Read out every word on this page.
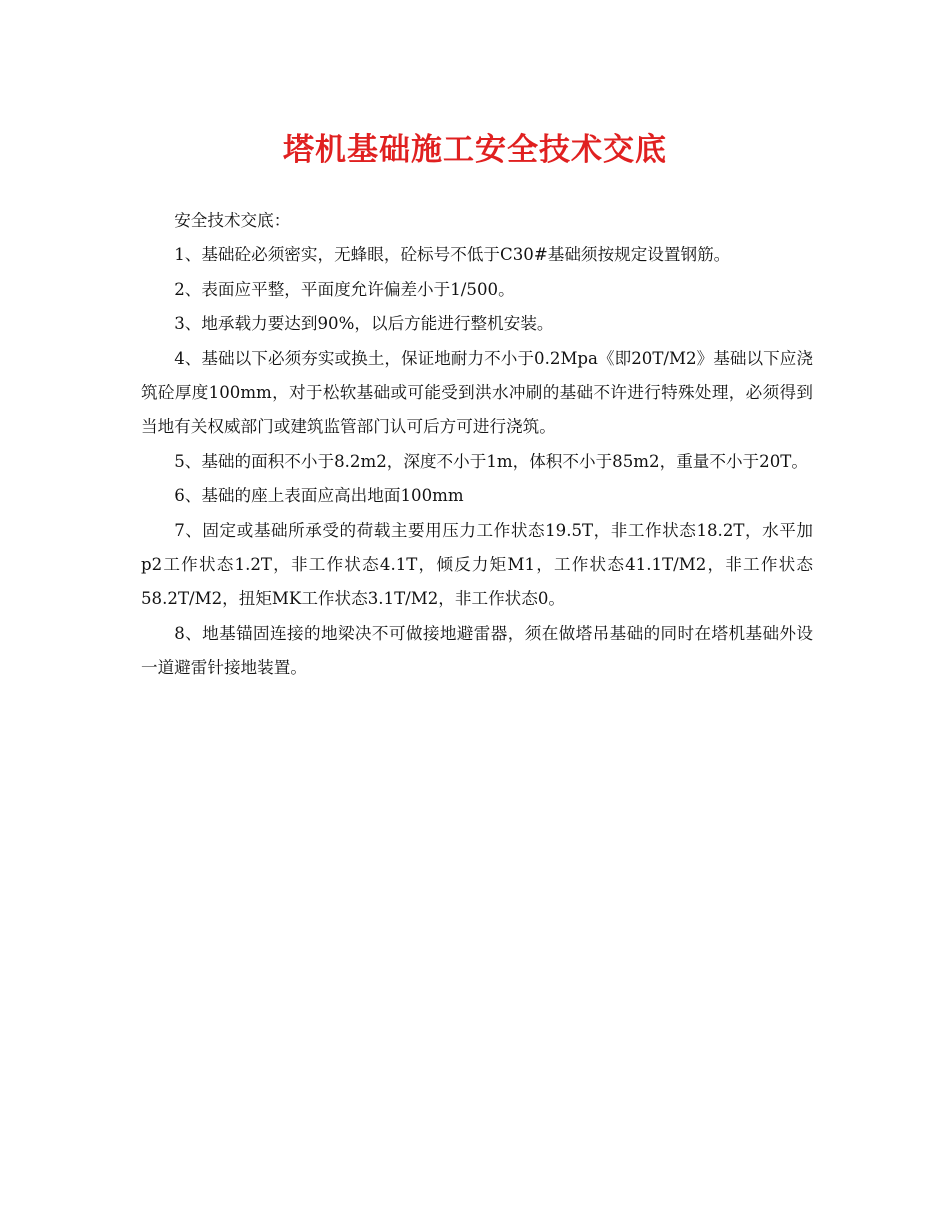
塔机基础施工安全技术交底

安全技术交底：

1、基础砼必须密实，无蜂眼，砼标号不低于C30#基础须按规定设置钢筋。

2、表面应平整，平面度允许偏差小于1/500。

3、地承载力要达到90%，以后方能进行整机安装。

4、基础以下必须夯实或换土，保证地耐力不小于0.2Mpa《即20T/M2》基础以下应浇筑砼厚度100mm，对于松软基础或可能受到洪水冲刷的基础不许进行特殊处理，必须得到当地有关权威部门或建筑监管部门认可后方可进行浇筑。

5、基础的面积不小于8.2m2，深度不小于1m，体积不小于85m2，重量不小于20T。

6、基础的座上表面应高出地面100mm

7、固定或基础所承受的荷载主要用压力工作状态19.5T，非工作状态18.2T，水平加p2工作状态1.2T，非工作状态4.1T，倾反力矩M1，工作状态41.1T/M2，非工作状态58.2T/M2，扭矩MK工作状态3.1T/M2，非工作状态0。

8、地基锚固连接的地梁决不可做接地避雷器，须在做塔吊基础的同时在塔机基础外设一道避雷针接地装置。
